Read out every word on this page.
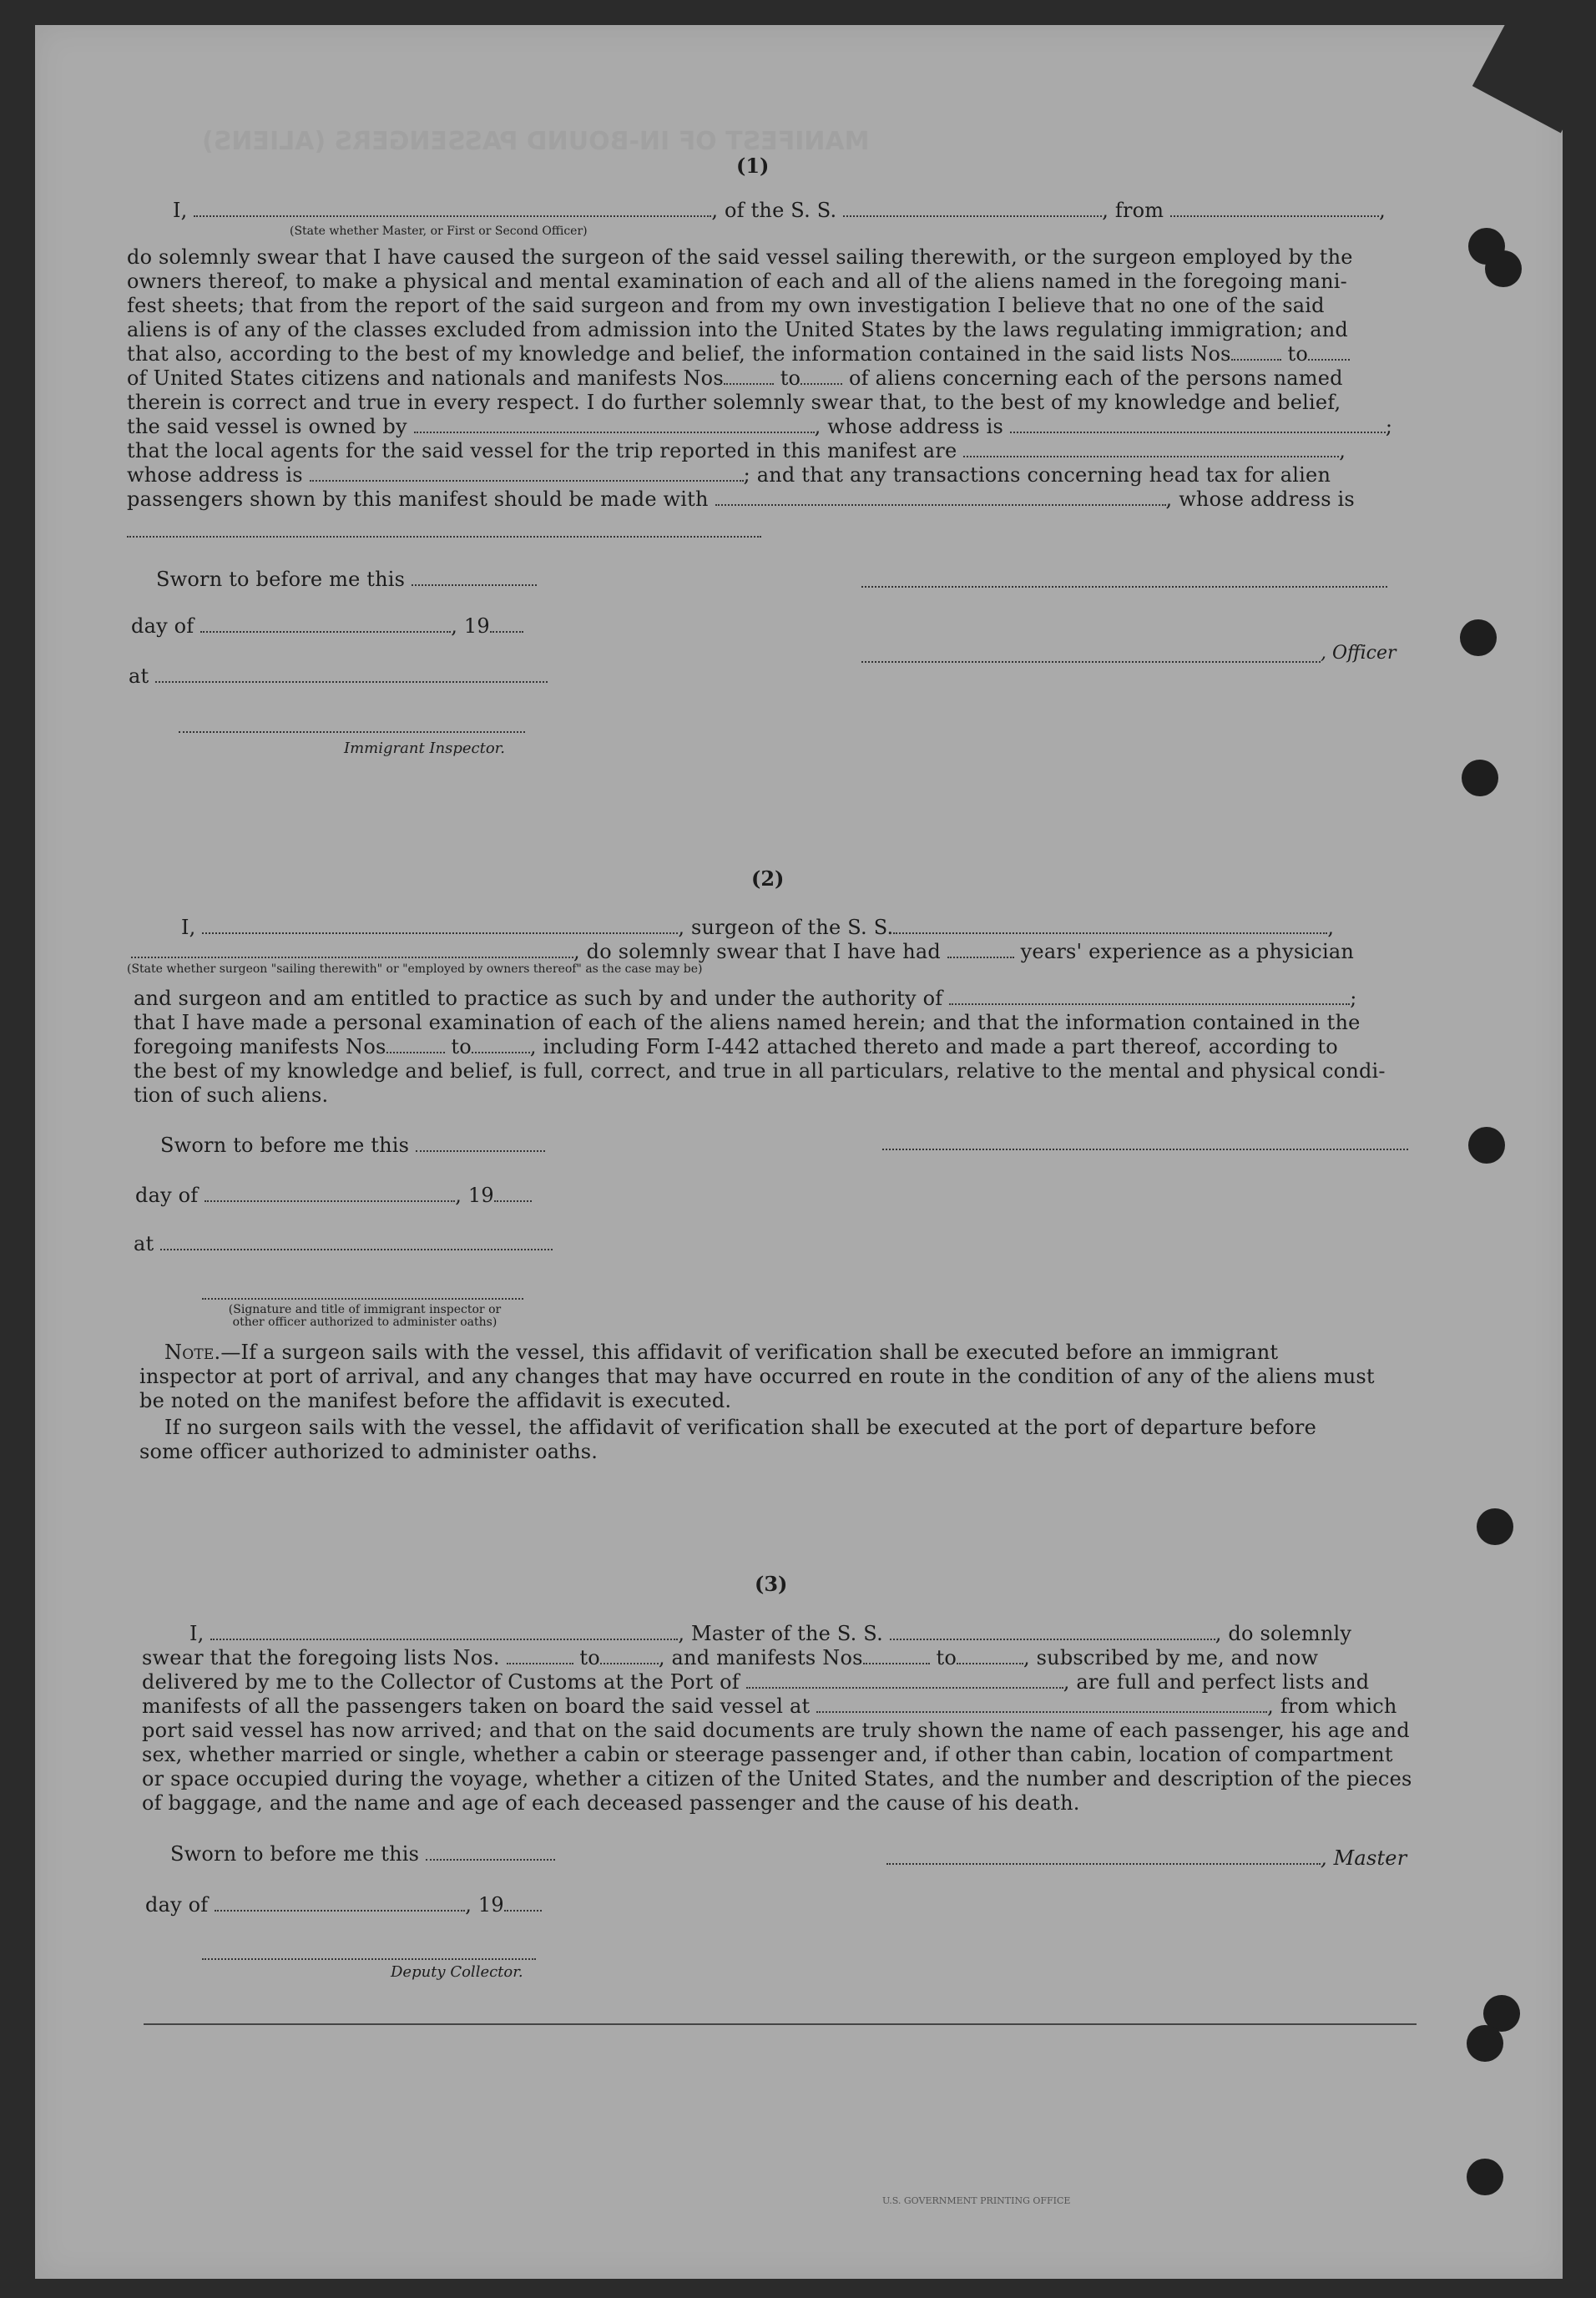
MANIFEST OF IN-BOUND PASSENGERS (ALIENS)
(1)
I,	, of the S. S.	, from	,
(State whether Master, or First or Second Officer)
do solemnly swear that I have caused the surgeon of the said vessel sailing therewith, or the surgeon employed by the
owners thereof, to make a physical and mental examination of each and all of the aliens named in the foregoing mani-
fest sheets; that from the report of the said surgeon and from my own investigation I believe that no one of the said
aliens is of any of the classes excluded from admission into the United States by the laws regulating immigration; and
that also, according to the best of my knowledge and belief, the information contained in the said lists Nos	to
of United States citizens and nationals and manifests Nos	to of aliens concerning each of the persons named
therein is correct and true in every respect. I do further solemnly swear that, to the best of my knowledge and belief,
the said vessel is owned by	, whose address is	;
that the local agents for the said vessel for the trip reported in this manifest are	,
whose address is	; and that any transactions concerning head tax for alien
passengers shown by this manifest should be made with	, whose address is
Sworn to before me this
day of	, 19
at
Immigrant Inspector.
, Officer
(2)
I,	, surgeon of the S. S.	,
, do solemnly swear that I have had	years' experience as a physician
(State whether surgeon "sailing therewith" or "employed by owners thereof" as the case may be)
and surgeon and am entitled to practice as such by and under the authority of	;
that I have made a personal examination of each of the aliens named herein; and that the information contained in the
foregoing manifests Nos	to	, including Form I-442 attached thereto and made a part thereof, according to
the best of my knowledge and belief, is full, correct, and true in all particulars, relative to the mental and physical condi-
tion of such aliens.
Sworn to before me this
day of	, 19
at
(Signature and title of immigrant inspector or
other officer authorized to administer oaths)
Note.—If a surgeon sails with the vessel, this affidavit of verification shall be executed before an immigrant
inspector at port of arrival, and any changes that may have occurred en route in the condition of any of the aliens must
be noted on the manifest before the affidavit is executed.
If no surgeon sails with the vessel, the affidavit of verification shall be executed at the port of departure before
some officer authorized to administer oaths.
(3)
I,	, Master of the S. S.	, do solemnly
swear that the foregoing lists Nos.	to	, and manifests Nos	to	, subscribed by me, and now
delivered by me to the Collector of Customs at the Port of	, are full and perfect lists and
manifests of all the passengers taken on board the said vessel at	, from which
port said vessel has now arrived; and that on the said documents are truly shown the name of each passenger, his age and
sex, whether married or single, whether a cabin or steerage passenger and, if other than cabin, location of compartment
or space occupied during the voyage, whether a citizen of the United States, and the number and description of the pieces
of baggage, and the name and age of each deceased passenger and the cause of his death.
Sworn to before me this
day of	, 19
Deputy Collector.
, Master
U.S. GOVERNMENT PRINTING OFFICE
